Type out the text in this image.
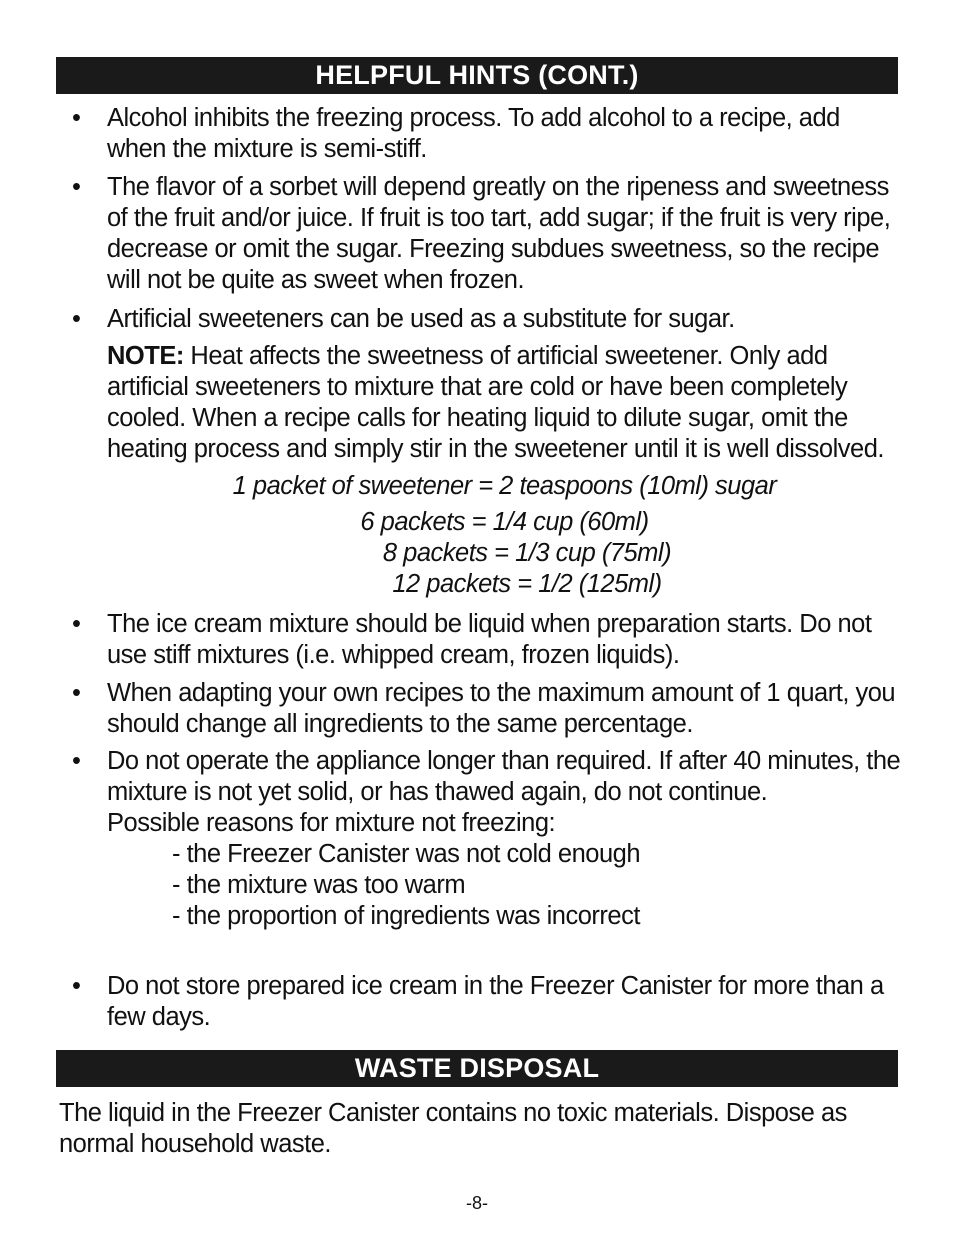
HELPFUL HINTS (CONT.)
•	Alcohol inhibits the freezing process. To add alcohol to a recipe, add when the mixture is semi-stiff.
•	The flavor of a sorbet will depend greatly on the ripeness and sweetness of the fruit and/or juice. If fruit is too tart, add sugar; if the fruit is very ripe, decrease or omit the sugar. Freezing subdues sweetness, so the recipe will not be quite as sweet when frozen.
•	Artificial sweeteners can be used as a substitute for sugar.
NOTE: Heat affects the sweetness of artificial sweetener. Only add artificial sweeteners to mixture that are cold or have been completely cooled. When a recipe calls for heating liquid to dilute sugar, omit the heating process and simply stir in the sweetener until it is well dissolved.
1 packet of sweetener = 2 teaspoons (10ml) sugar
6 packets = 1/4 cup (60ml)
8 packets = 1/3 cup (75ml)
12 packets = 1/2 (125ml)
•	The ice cream mixture should be liquid when preparation starts. Do not use stiff mixtures (i.e. whipped cream, frozen liquids).
•	When adapting your own recipes to the maximum amount of 1 quart, you should change all ingredients to the same percentage.
•	Do not operate the appliance longer than required. If after 40 minutes, the mixture is not yet solid, or has thawed again, do not continue.
Possible reasons for mixture not freezing:
- the Freezer Canister was not cold enough
- the mixture was too warm
- the proportion of ingredients was incorrect
•	Do not store prepared ice cream in the Freezer Canister for more than a few days.
WASTE DISPOSAL
The liquid in the Freezer Canister contains no toxic materials. Dispose as normal household waste.
-8-
